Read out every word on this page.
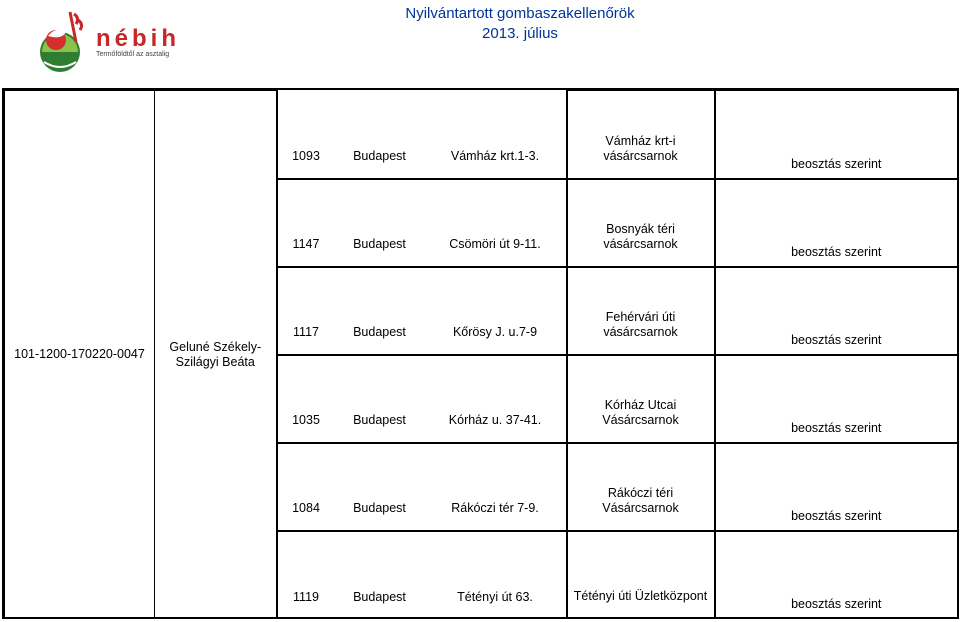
nébih
Termőföldtől az asztalig
Nyilvántartott gombaszakellenőrök
2013. július
101-1200-170220-0047	Geluné Székely-Szilágyi Beáta	1093	Budapest	Vámház krt.1-3.	Vámház krt-i
vásárcsarnok	beosztás szerint
		1147	Budapest	Csömöri út 9-11.	Bosnyák téri
vásárcsarnok	beosztás szerint
		1117	Budapest	Kőrösy J. u.7-9	Fehérvári úti
vásárcsarnok	beosztás szerint
		1035	Budapest	Kórház u. 37-41.	Kórház Utcai
Vásárcsarnok	beosztás szerint
		1084	Budapest	Rákóczi tér 7-9.	Rákóczi téri
Vásárcsarnok	beosztás szerint
		1119	Budapest	Tétényi út 63.	Tétényi úti Üzletközpont	beosztás szerint
